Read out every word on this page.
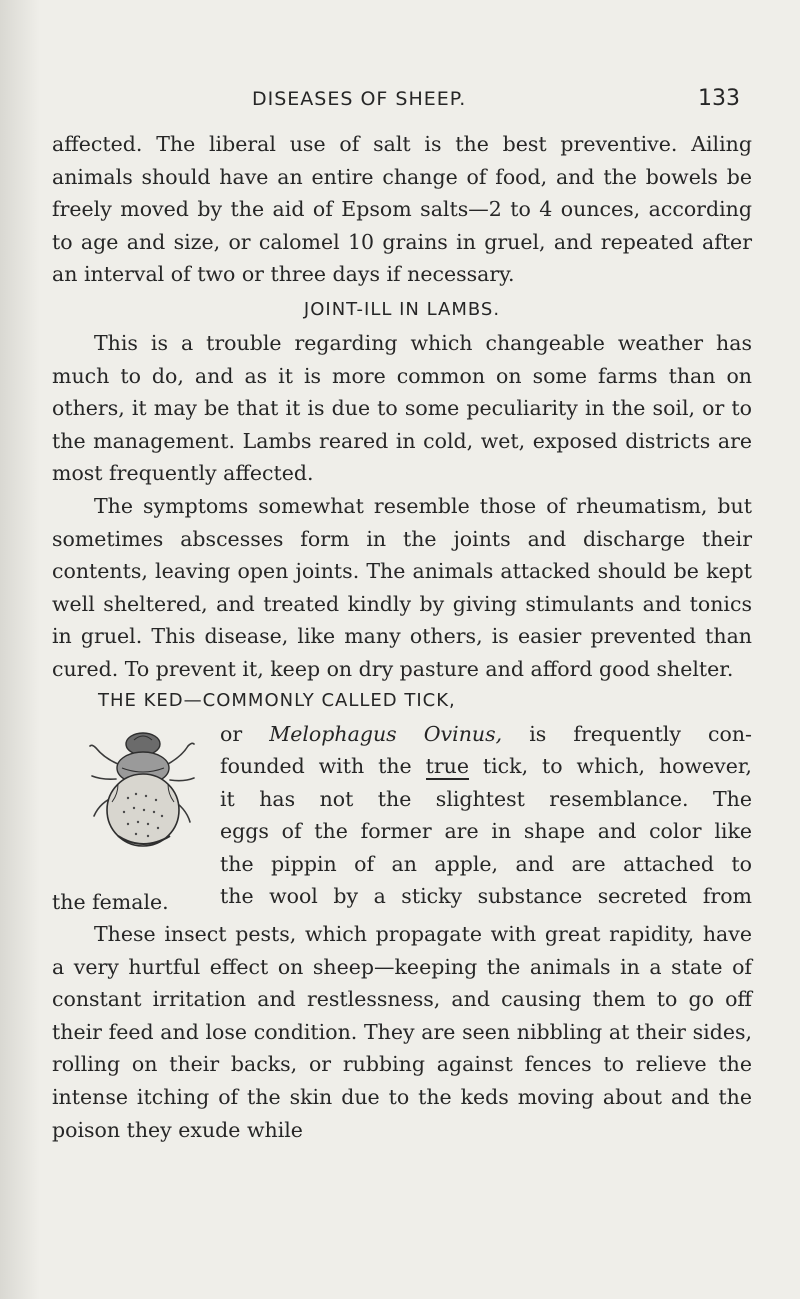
DISEASES OF SHEEP.	133

affected. The liberal use of salt is the best preventive. Ailing animals should have an entire change of food, and the bowels be freely moved by the aid of Epsom salts—2 to 4 ounces, according to age and size, or calomel 10 grains in gruel, and repeated after an interval of two or three days if necessary.

JOINT-ILL IN LAMBS.

This is a trouble regarding which changeable weather has much to do, and as it is more common on some farms than on others, it may be that it is due to some peculiarity in the soil, or to the management. Lambs reared in cold, wet, exposed districts are most frequently affected.

The symptoms somewhat resemble those of rheumatism, but sometimes abscesses form in the joints and discharge their contents, leaving open joints. The animals attacked should be kept well sheltered, and treated kindly by giving stimulants and tonics in gruel. This disease, like many others, is easier prevented than cured. To prevent it, keep on dry pasture and afford good shelter.

THE KED—COMMONLY CALLED TICK,
or Melophagus Ovinus, is frequently con-
founded with the true tick, to which, however,
it has not the slightest resemblance. The
eggs of the former are in shape and color like
the pippin of an apple, and are attached to
the wool by a sticky substance secreted from
the female.

These insect pests, which propagate with great rapidity, have a very hurtful effect on sheep—keeping the animals in a state of constant irritation and restlessness, and causing them to go off their feed and lose condition. They are seen nibbling at their sides, rolling on their backs, or rubbing against fences to relieve the intense itching of the skin due to the keds moving about and the poison they exude while
